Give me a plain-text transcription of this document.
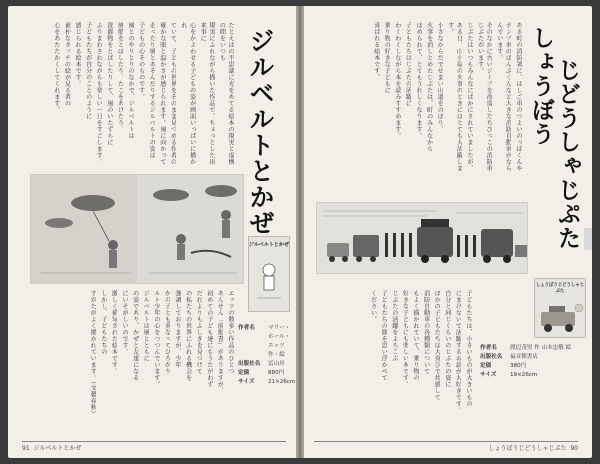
ジルベルトとかぜ
たとえばの不思議に光をあてる絵本の現実と虚構の間をいつも
現実にふれながら描いた作品で、ちょっとした出来事に
心をかよわせる子どもの姿が画面いっぱいに描かれ
ていて、子どもの世界をそのまま見つめる作者の
確かな眼と温かさが感じられます。風に向かって
走ったり風とあそんだりするジルベルトの姿は
子どもの心そのものです。
風とのやりとりのなかで、ジルベルトは
風船をとばしたり、たこをあげたり、
洗濯物をとばしたりして、風のいたずらに
ふりまわされながらも楽しい一日をすごします。
子どもたちが自分のことのように
感じられる絵本です。
素朴なタッチの絵が見る者の
心をあたたかくしてくれます。
ジルベルトとかぜ
エッツの数多い作品のひとつ
あんぜん「前掲書」がありますが、
初めての子ども達にもうたがわず
だれよりもふしぎを見つけて
の私たちの世界にふれる機会を
強調しておりますが、少年
かの子とも重なってひろがり
ルト少年の心をつつんでいます。
ジルベルトは風とともに
の姿であり、かぜと友達になる
にいそがしいのです。
激しく描写された絵本です。
しかし、子どもたちの
すがたがよく描かれています。（文藝春秋）	作者名	マリー・ホール・エッツ作・絵
出版社名	冨山房
定価	880円
サイズ	21×26cm
91 ジルベルトとかぜ
しょうぼう じどうしゃじぷた
ある町の消防署に、はしご車のつよいのっぽくんや
ポンプ車のぱんぷくんなど大きな消防自動車がならんでいます。
そのなかに古いジープを改造したちびっこの消防車じぷたがいます。
じぷたはいつもみんなにばかにされていましたが、
ある日、山小屋の火事のときにはとても大活躍します。
小さなからだでせまい山道をのぼり、
火事を消しとめたじぷたは、町のみんなから
ほめられて、とてもうれしくなります。
子どもたちはじぷたの活躍に
わくわくしながら本を読みすすめます。
乗り物の好きな子どもに
喜ばれる絵本です。
しょうぼうじどうしゃじぷた
子どもたちは、小さいものが大きいもの
にまけないで活躍するお話が大好きです。
自分と同じくらいのじぷたの姿に
ほかの子どもたちは大喜びで共感して
消防自動車の各種類について
もよく描かれていて、乗り物の
好きな子どもにも楽しい本です。
じぷたの活躍をよろこぶ
子どもたちの顔を思い浮かべて
ください。
作者名	渡辺茂男 作 山本忠敬 絵
出版社名	福音館書店
定価	380円
サイズ	19×26cm
しょうぼうじどうしゃじぷた 90
